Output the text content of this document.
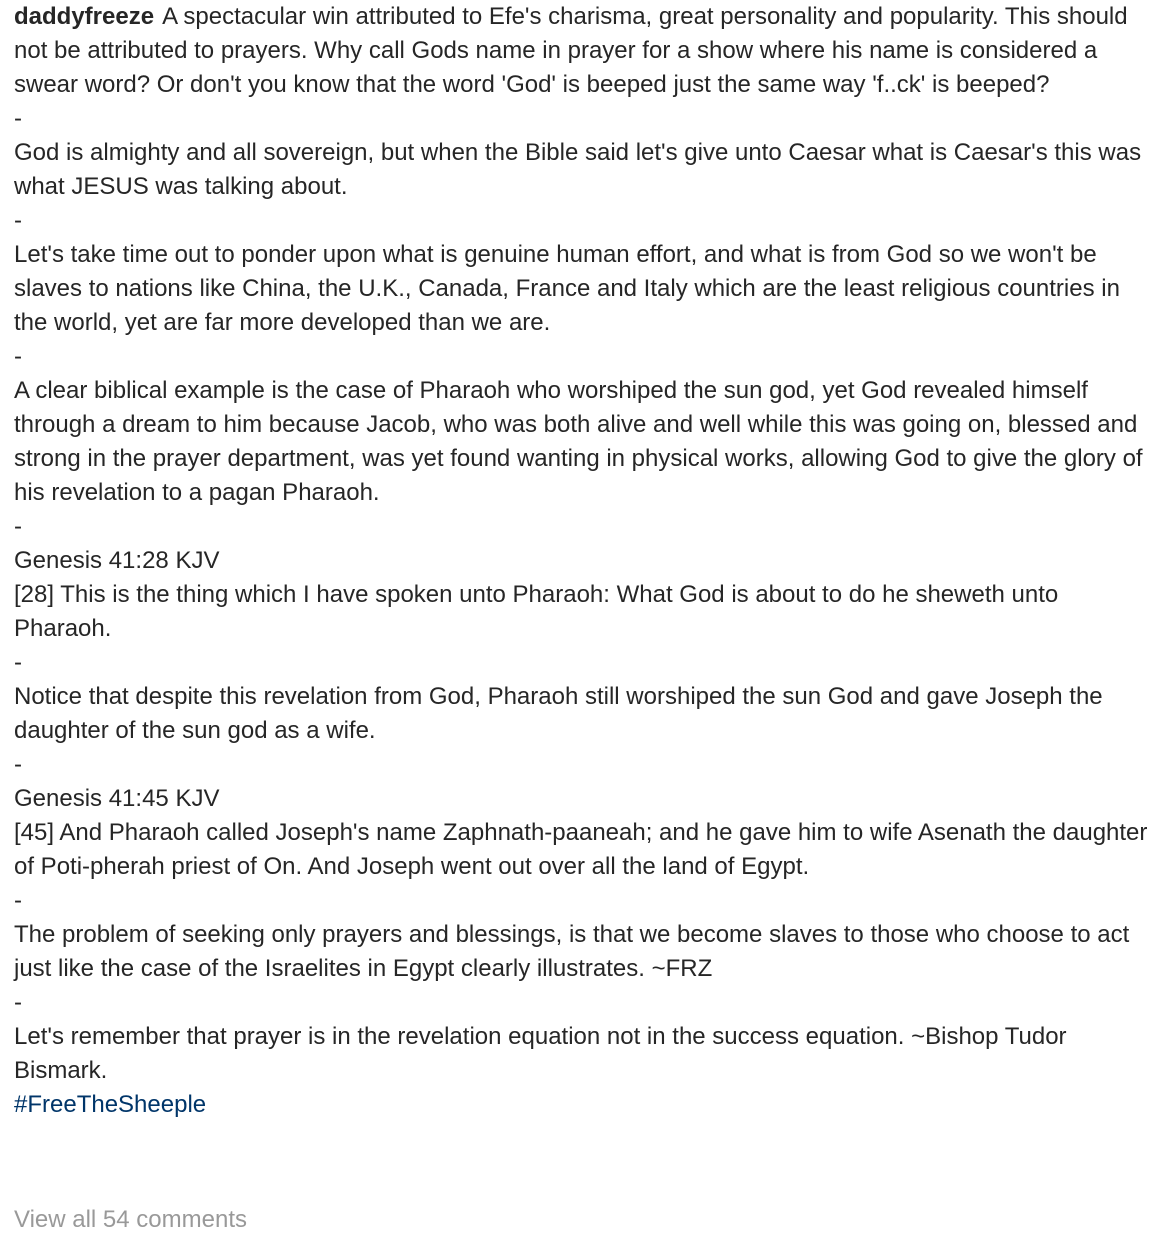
daddyfreeze A spectacular win attributed to Efe's charisma, great personality and popularity. This should not be attributed to prayers. Why call Gods name in prayer for a show where his name is considered a swear word? Or don't you know that the word 'God' is beeped just the same way 'f..ck' is beeped?
-
God is almighty and all sovereign, but when the Bible said let's give unto Caesar what is Caesar's this was what JESUS was talking about.
-
Let's take time out to ponder upon what is genuine human effort, and what is from God so we won't be slaves to nations like China, the U.K., Canada, France and Italy which are the least religious countries in the world, yet are far more developed than we are.
-
A clear biblical example is the case of Pharaoh who worshiped the sun god, yet God revealed himself through a dream to him because Jacob, who was both alive and well while this was going on, blessed and strong in the prayer department, was yet found wanting in physical works, allowing God to give the glory of his revelation to a pagan Pharaoh.
-
Genesis 41:28 KJV
[28] This is the thing which I have spoken unto Pharaoh: What God is about to do he sheweth unto Pharaoh.
-
Notice that despite this revelation from God, Pharaoh still worshiped the sun God and gave Joseph the daughter of the sun god as a wife.
-
Genesis 41:45 KJV
[45] And Pharaoh called Joseph's name Zaphnath-paaneah; and he gave him to wife Asenath the daughter of Poti-pherah priest of On. And Joseph went out over all the land of Egypt.
-
The problem of seeking only prayers and blessings, is that we become slaves to those who choose to act just like the case of the Israelites in Egypt clearly illustrates. ~FRZ
-
Let's remember that prayer is in the revelation equation not in the success equation. ~Bishop Tudor Bismark.
#FreeTheSheeple
View all 54 comments
